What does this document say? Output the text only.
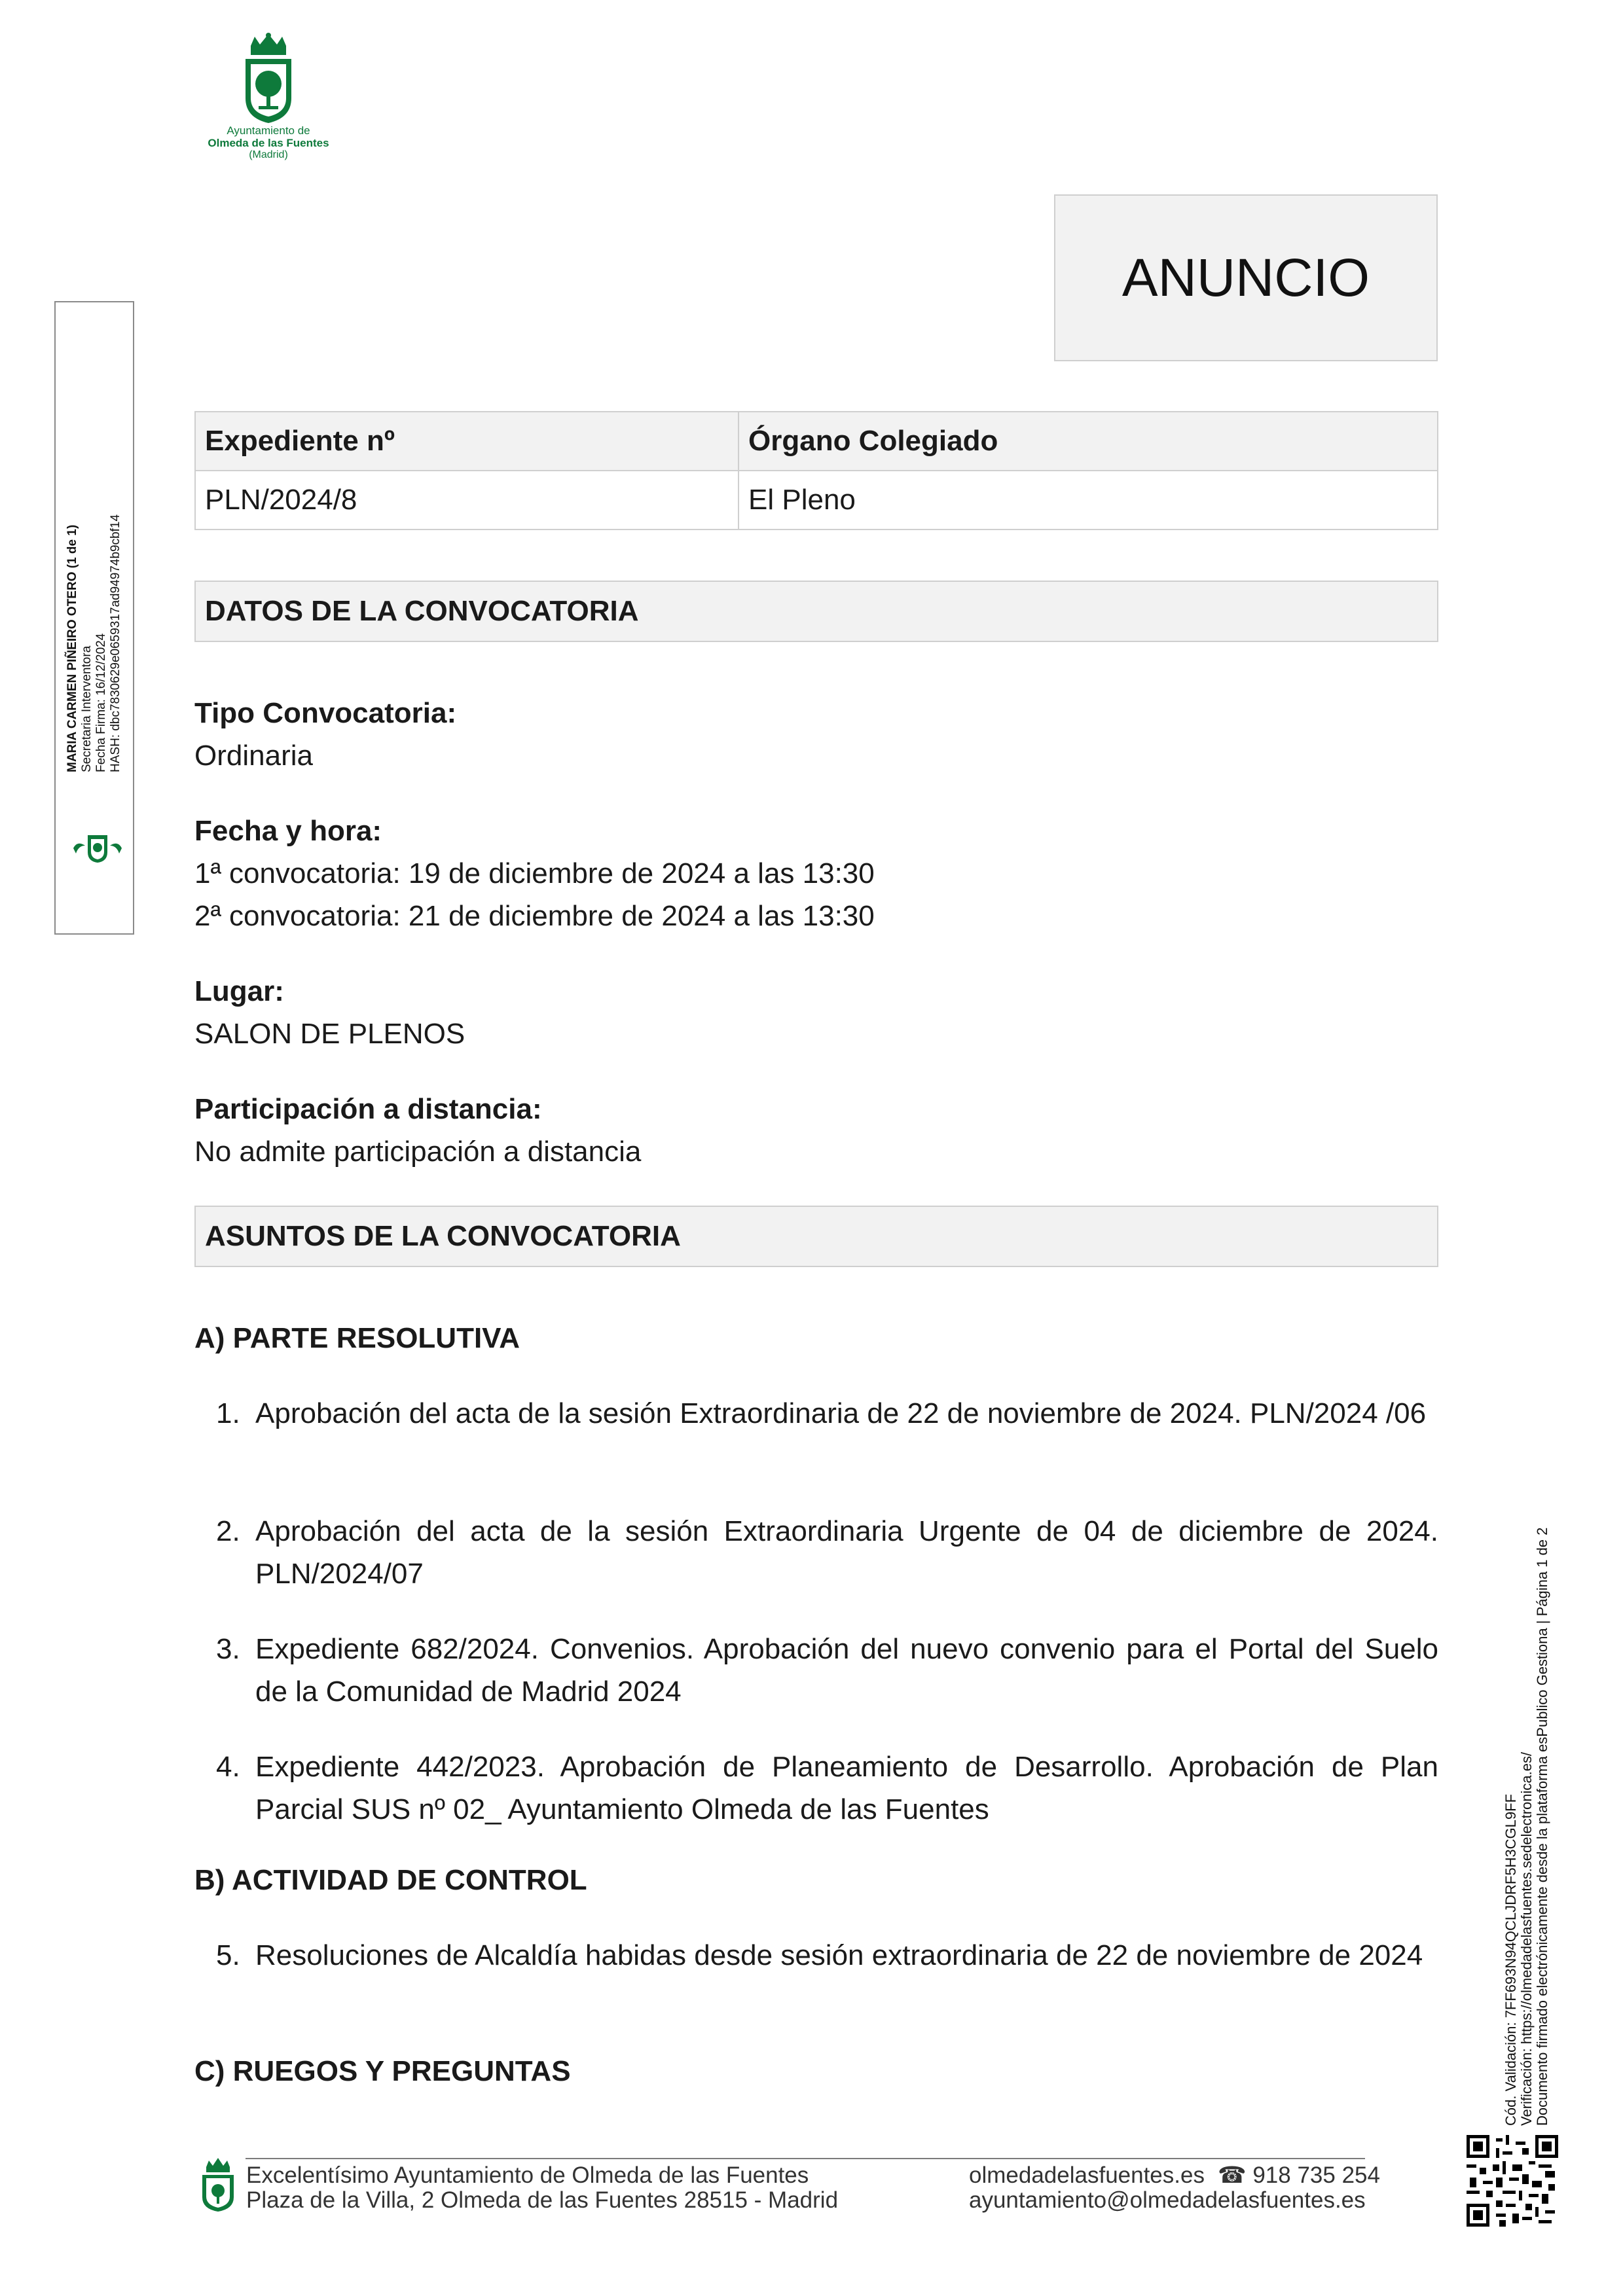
Ayuntamiento de
Olmeda de las Fuentes
(Madrid)
ANUNCIO
Expediente nº	Órgano Colegiado
PLN/2024/8	El Pleno
DATOS DE LA CONVOCATORIA
Tipo Convocatoria:
Ordinaria
Fecha y hora:
1ª convocatoria: 19 de diciembre de 2024 a las 13:30
2ª convocatoria: 21 de diciembre de 2024 a las 13:30
Lugar:
SALON DE PLENOS
Participación a distancia:
No admite participación a distancia
ASUNTOS DE LA CONVOCATORIA
A) PARTE RESOLUTIVA
1. Aprobación del acta de la sesión Extraordinaria de 22 de noviembre de 2024. PLN/2024 /06
2. Aprobación del acta de la sesión Extraordinaria Urgente de 04 de diciembre de 2024. PLN/2024/07
3. Expediente 682/2024. Convenios. Aprobación del nuevo convenio para el Portal del Suelo de la Comunidad de Madrid 2024
4. Expediente 442/2023. Aprobación de Planeamiento de Desarrollo. Aprobación de Plan Parcial SUS nº 02_ Ayuntamiento Olmeda de las Fuentes
B) ACTIVIDAD DE CONTROL
5. Resoluciones de Alcaldía habidas desde sesión extraordinaria de 22 de noviembre de 2024
C) RUEGOS Y PREGUNTAS
MARIA CARMEN PIÑEIRO OTERO (1 de 1) Secretaria Interventora Fecha Firma: 16/12/2024 HASH: dbc7830629e0659317ad94974b9cbf14
Cód. Validación: 7FF693N94QCLJDRF5H3CGL9FF Verificación: https://olmedadelasfuentes.sedelectronica.es/ Documento firmado electrónicamente desde la plataforma esPublico Gestiona | Página 1 de 2
Excelentísimo Ayuntamiento de Olmeda de las Fuentes
Plaza de la Villa, 2 Olmeda de las Fuentes 28515 - Madrid
olmedadelasfuentes.es ☎ 918 735 254
ayuntamiento@olmedadelasfuentes.es
